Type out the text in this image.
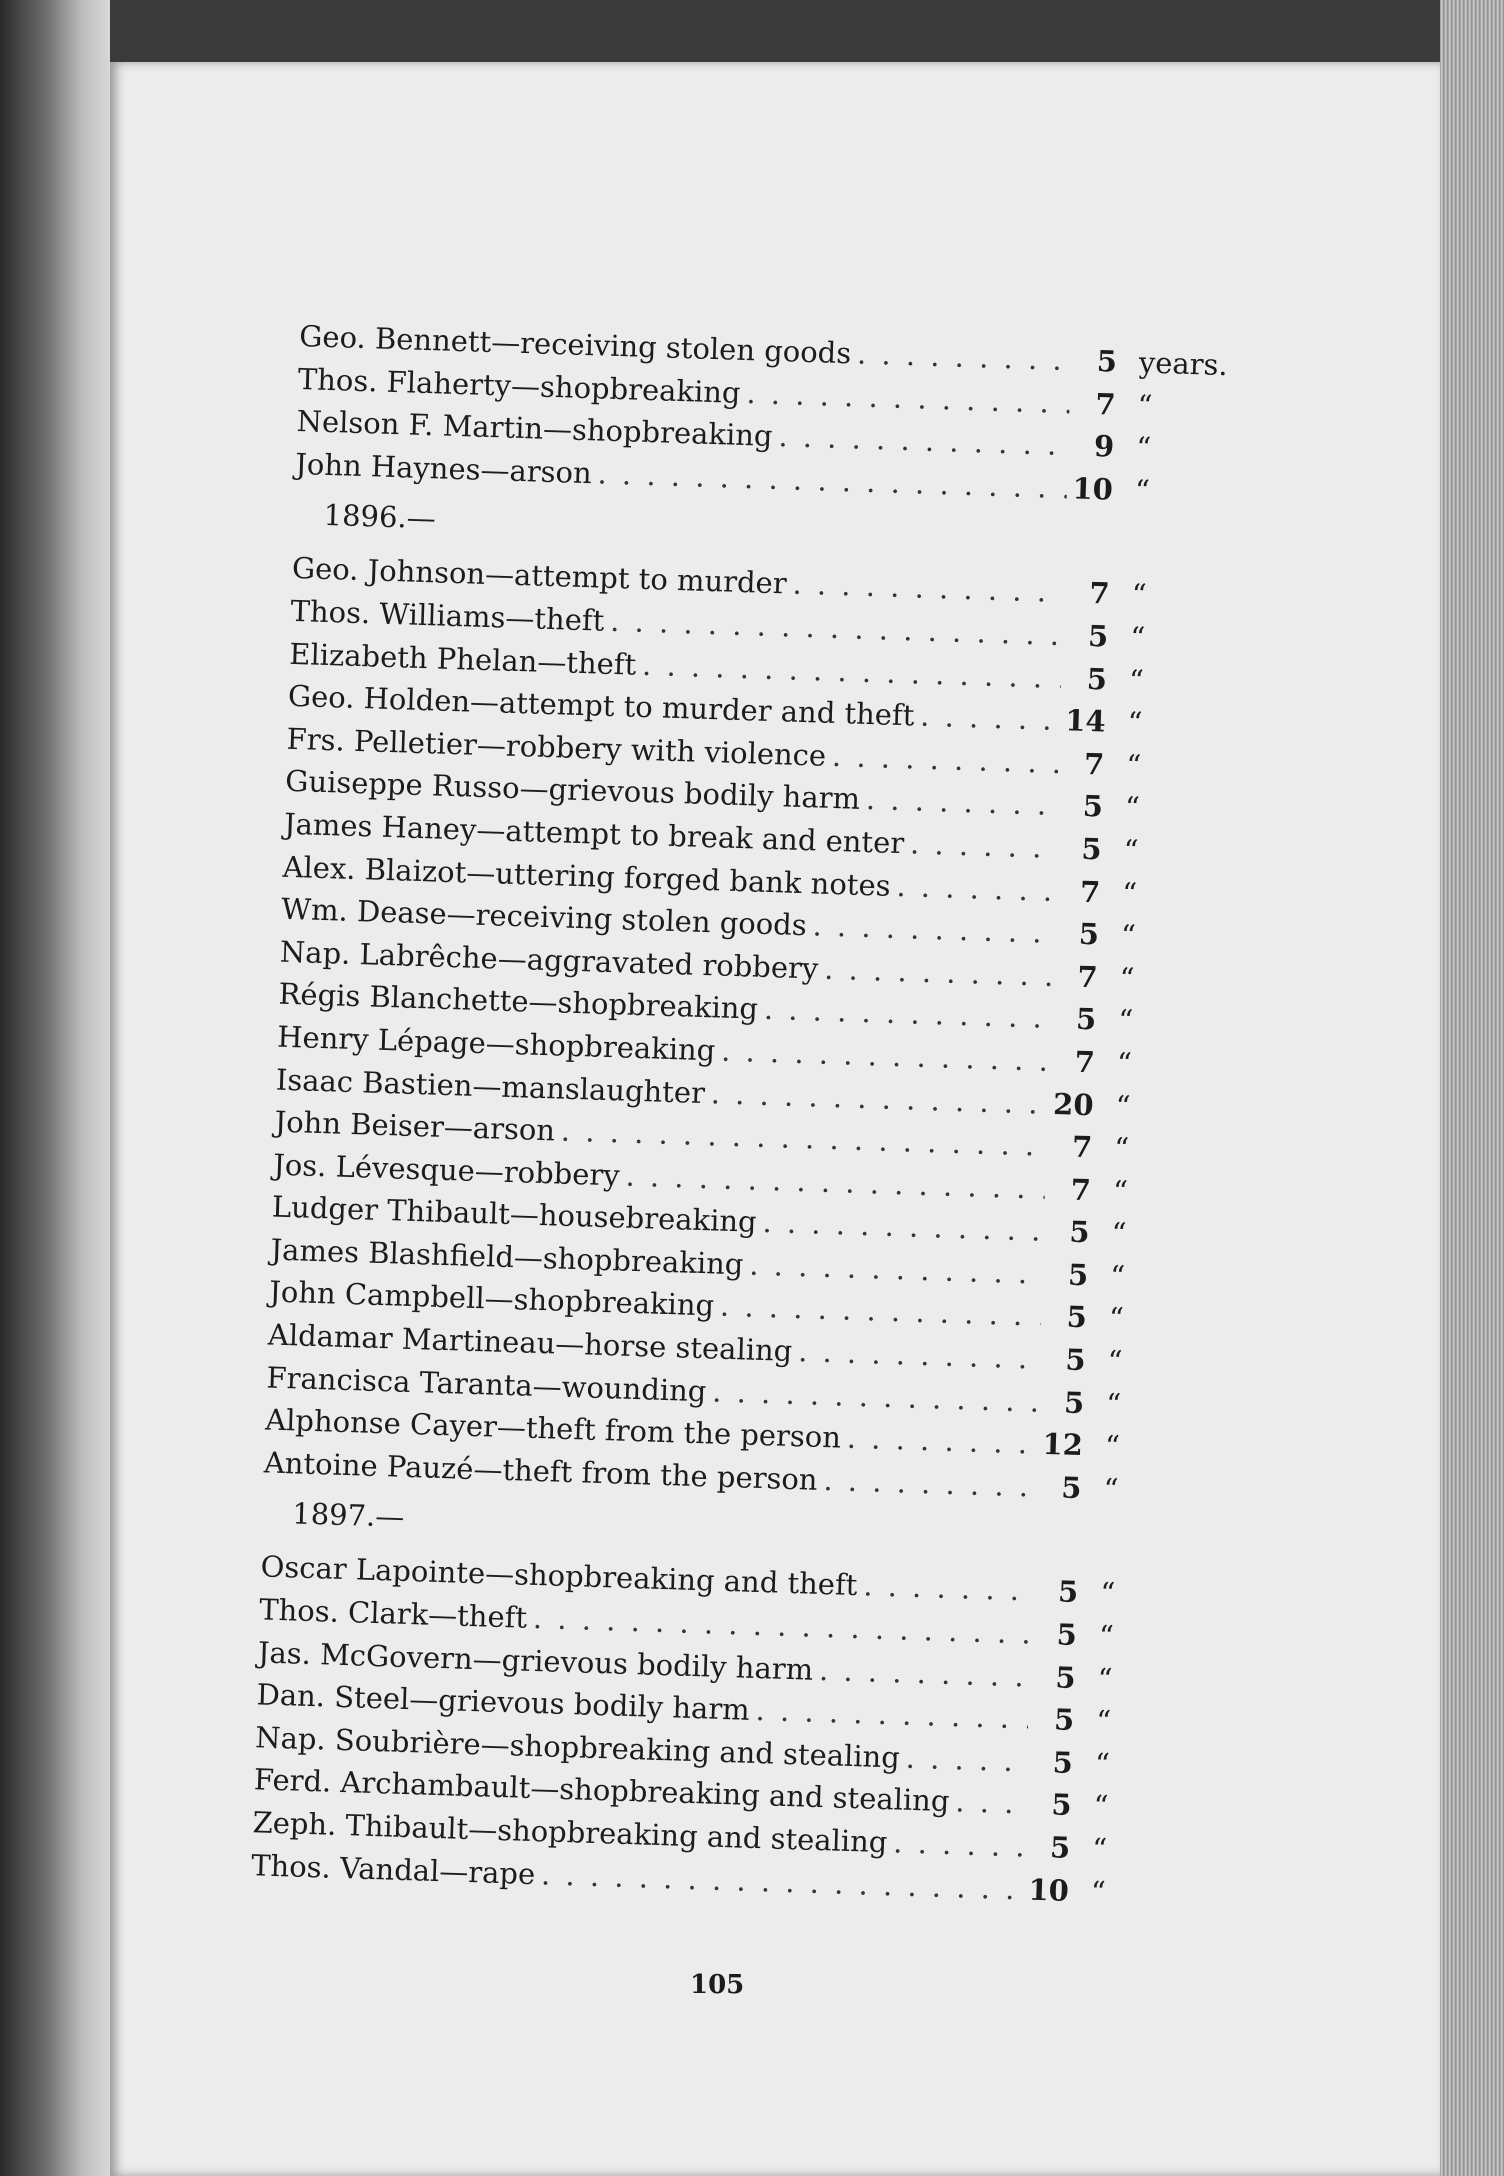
Geo. Bennett—receiving stolen goods . . .	5 years.
Thos. Flaherty—shopbreaking . . .	7 “
Nelson F. Martin—shopbreaking . . .	9 “
John Haynes—arson . . .	10 “
1896.—
Geo. Johnson—attempt to murder . . .	7 “
Thos. Williams—theft . . .	5 “
Elizabeth Phelan—theft . . .	5 “
Geo. Holden—attempt to murder and theft . . .	14 “
Frs. Pelletier—robbery with violence . . .	7 “
Guiseppe Russo—grievous bodily harm . . .	5 “
James Haney—attempt to break and enter . . .	5 “
Alex. Blaizot—uttering forged bank notes . . .	7 “
Wm. Dease—receiving stolen goods . . .	5 “
Nap. Labrêche—aggravated robbery . . .	7 “
Régis Blanchette—shopbreaking . . .	5 “
Henry Lépage—shopbreaking . . .	7 “
Isaac Bastien—manslaughter . . .	20 “
John Beiser—arson . . .	7 “
Jos. Lévesque—robbery . . .	7 “
Ludger Thibault—housebreaking . . .	5 “
James Blashfield—shopbreaking . . .	5 “
John Campbell—shopbreaking . . .	5 “
Aldamar Martineau—horse stealing . . .	5 “
Francisca Taranta—wounding . . .	5 “
Alphonse Cayer—theft from the person . . .	12 “
Antoine Pauzé—theft from the person . . .	5 “
1897.—
Oscar Lapointe—shopbreaking and theft . . .	5 “
Thos. Clark—theft . . .	5 “
Jas. McGovern—grievous bodily harm . . .	5 “
Dan. Steel—grievous bodily harm . . .	5 “
Nap. Soubrière—shopbreaking and stealing . . .	5 “
Ferd. Archambault—shopbreaking and stealing . . .	5 “
Zeph. Thibault—shopbreaking and stealing . . .	5 “
Thos. Vandal—rape . . .	10 “
105
